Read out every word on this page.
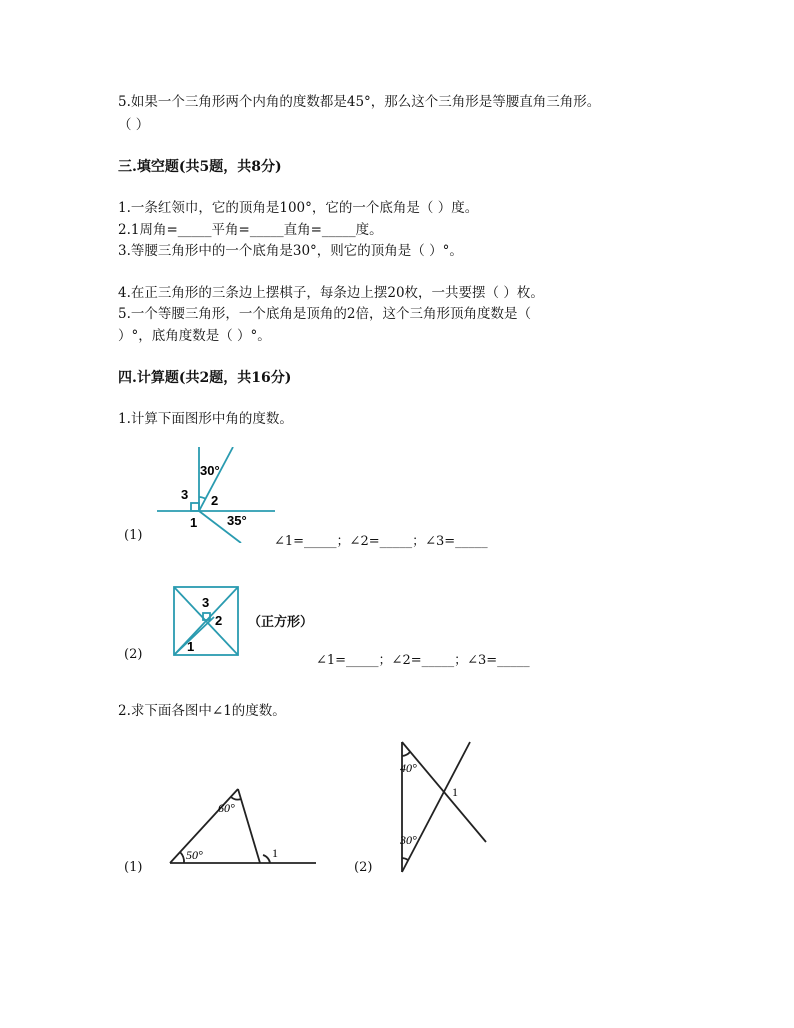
5.如果一个三角形两个内角的度数都是45°，那么这个三角形是等腰直角三角形。
（ ）
三.填空题(共5题，共8分)
1.一条红领巾，它的顶角是100°，它的一个底角是（ ）度。
2.1周角=_____平角=_____直角=_____度。
3.等腰三角形中的一个底角是30°，则它的顶角是（ ）°。
4.在正三角形的三条边上摆棋子，每条边上摆20枚，一共要摆（ ）枚。
5.一个等腰三角形，一个底角是顶角的2倍，这个三角形顶角度数是（
）°，底角度数是（ ）°。
四.计算题(共2题，共16分)
1.计算下面图形中角的度数。
(1)
30°
3 2
1 35°
∠1=_____；∠2=_____；∠3=_____
(2)
3
2
1
（正方形）
∠1=_____；∠2=_____；∠3=_____
2.求下面各图中∠1的度数。
(1)
60°
50°	1
(2)
40°
30°
1
